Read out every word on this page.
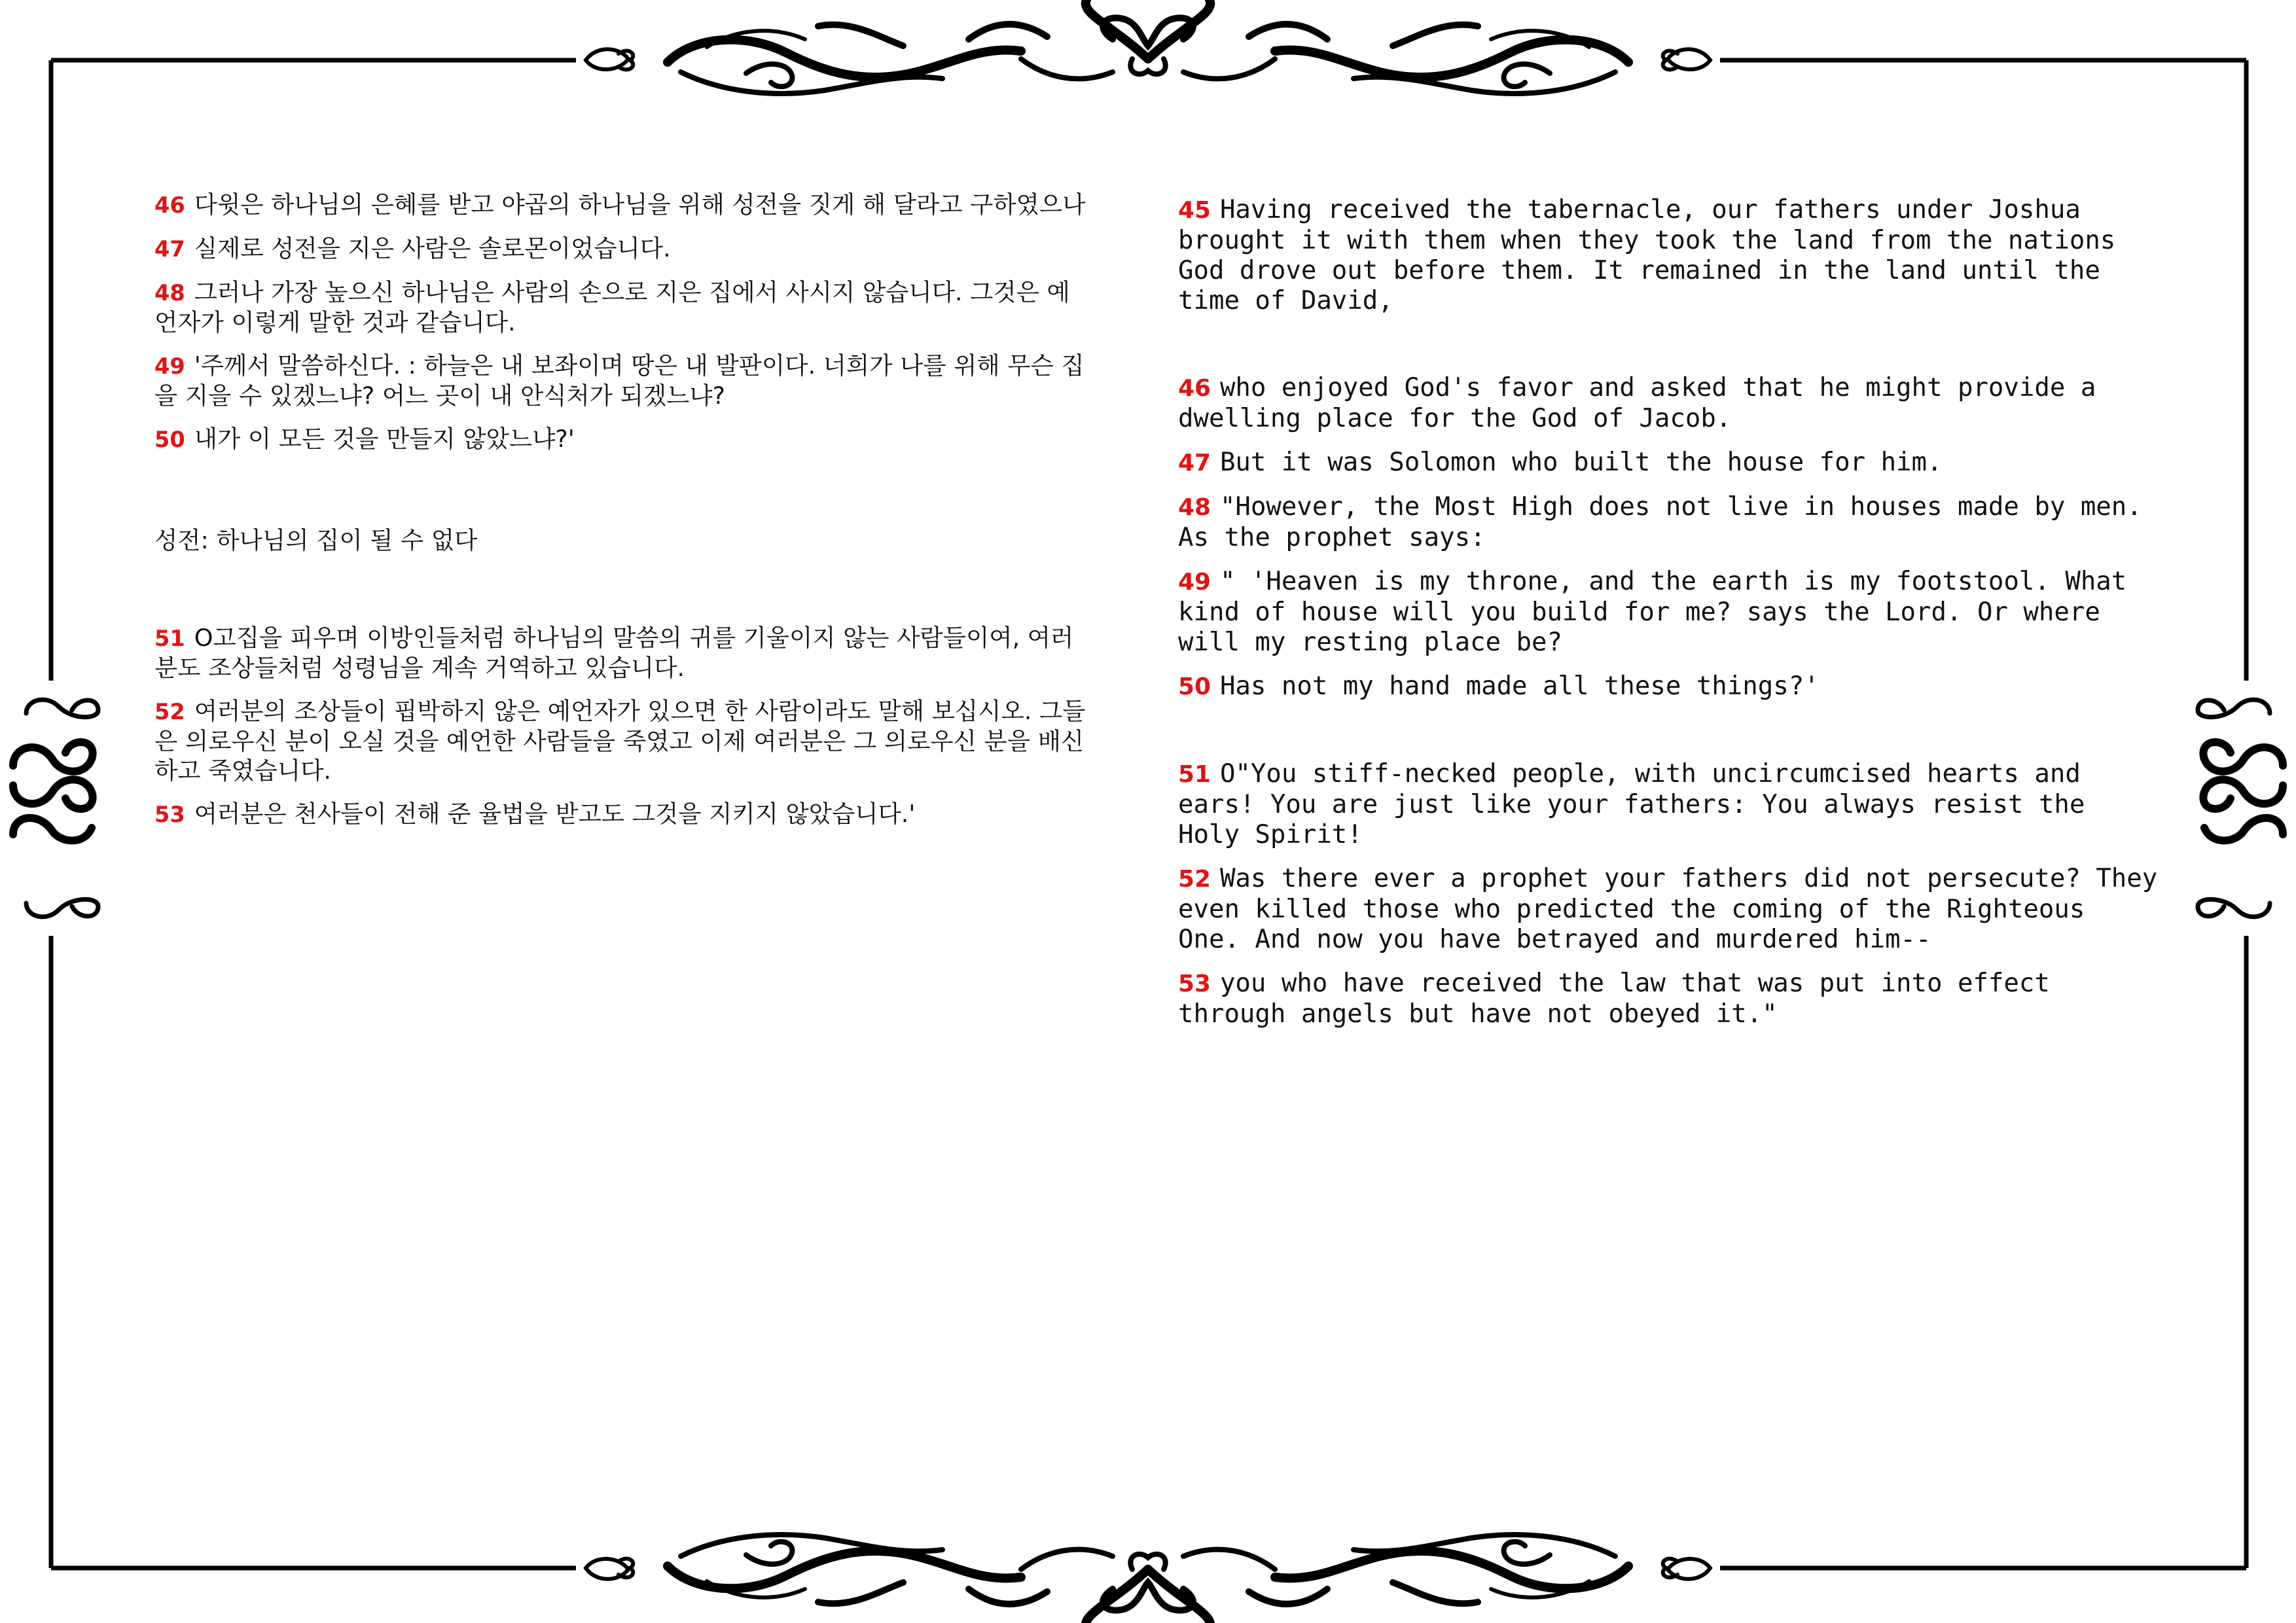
46 다윗은 하나님의 은혜를 받고 야곱의 하나님을 위해 성전을 짓게 해 달라고 구하였으나

47 실제로 성전을 지은 사람은 솔로몬이었습니다.

48 그러나 가장 높으신 하나님은 사람의 손으로 지은 집에서 사시지 않습니다. 그것은 예언자가 이렇게 말한 것과 같습니다.

49 '주께서 말씀하신다. : 하늘은 내 보좌이며 땅은 내 발판이다. 너희가 나를 위해 무슨 집을 지을 수 있겠느냐? 어느 곳이 내 안식처가 되겠느냐?

50 내가 이 모든 것을 만들지 않았느냐?'

성전: 하나님의 집이 될 수 없다

51 O고집을 피우며 이방인들처럼 하나님의 말씀의 귀를 기울이지 않는 사람들이여, 여러분도 조상들처럼 성령님을 계속 거역하고 있습니다.

52 여러분의 조상들이 핍박하지 않은 예언자가 있으면 한 사람이라도 말해 보십시오. 그들은 의로우신 분이 오실 것을 예언한 사람들을 죽였고 이제 여러분은 그 의로우신 분을 배신하고 죽였습니다.

53 여러분은 천사들이 전해 준 율법을 받고도 그것을 지키지 않았습니다.'

45 Having received the tabernacle, our fathers under Joshua brought it with them when they took the land from the nations God drove out before them. It remained in the land until the time of David,

46 who enjoyed God's favor and asked that he might provide a dwelling place for the God of Jacob.

47 But it was Solomon who built the house for him.

48 "However, the Most High does not live in houses made by men. As the prophet says:

49 " 'Heaven is my throne, and the earth is my footstool. What kind of house will you build for me? says the Lord. Or where will my resting place be?

50 Has not my hand made all these things?'

51 O"You stiff-necked people, with uncircumcised hearts and ears! You are just like your fathers: You always resist the Holy Spirit!

52 Was there ever a prophet your fathers did not persecute? They even killed those who predicted the coming of the Righteous One. And now you have betrayed and murdered him--

53 you who have received the law that was put into effect through angels but have not obeyed it."
